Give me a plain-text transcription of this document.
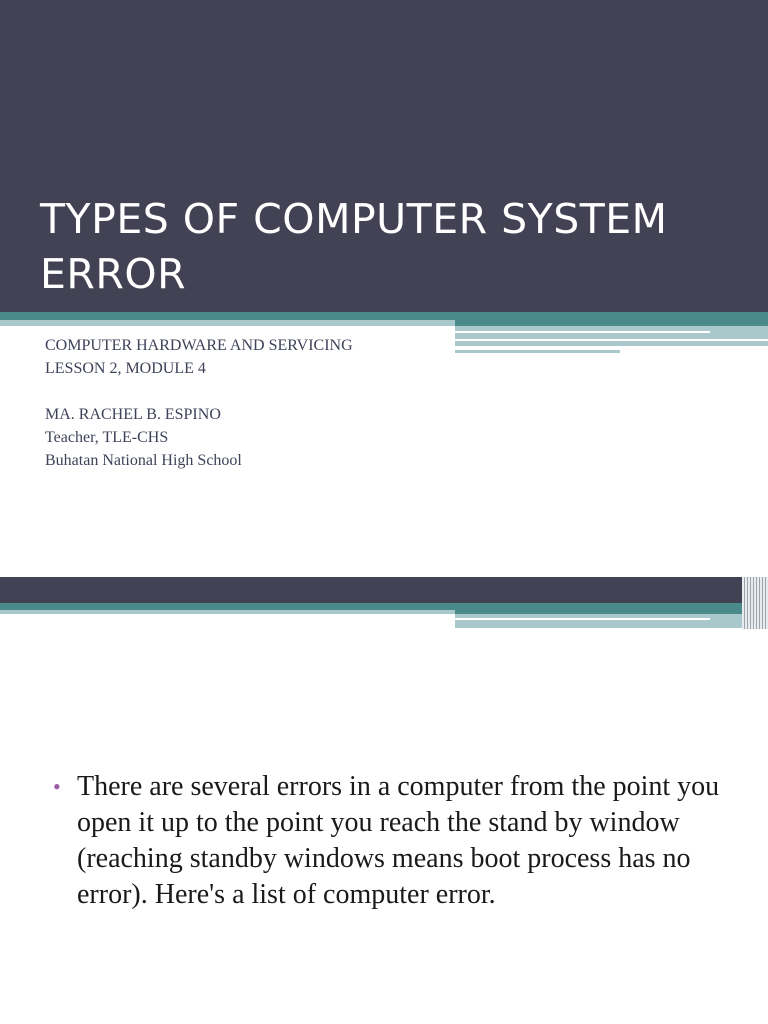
TYPES OF COMPUTER SYSTEM ERROR
COMPUTER HARDWARE AND SERVICING
LESSON 2, MODULE 4
MA. RACHEL B. ESPINO
Teacher, TLE-CHS
Buhatan National High School
• There are several errors in a computer from the point you open it up to the point you reach the stand by window (reaching standby windows means boot process has no error). Here's a list of computer error.
